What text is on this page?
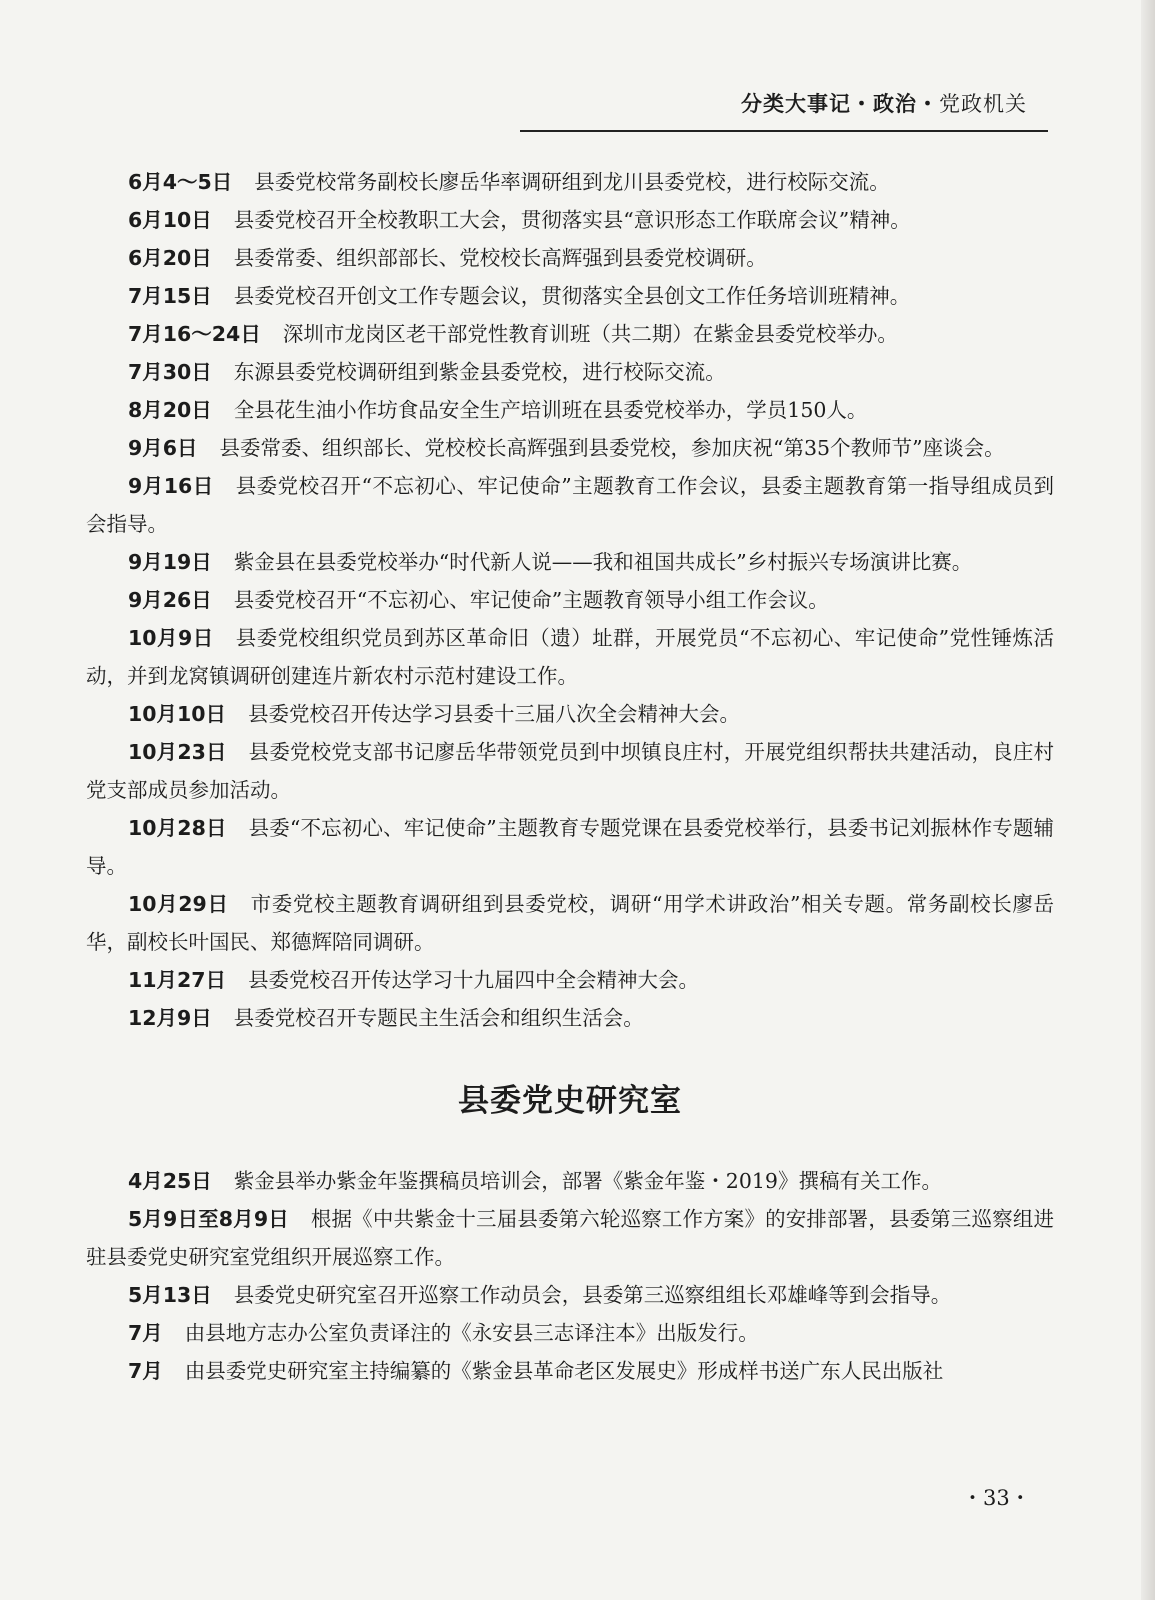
分类大事记・政治・党政机关

6月4～5日 县委党校常务副校长廖岳华率调研组到龙川县委党校，进行校际交流。

6月10日 县委党校召开全校教职工大会，贯彻落实县“意识形态工作联席会议”精神。

6月20日 县委常委、组织部部长、党校校长高辉强到县委党校调研。

7月15日 县委党校召开创文工作专题会议，贯彻落实全县创文工作任务培训班精神。

7月16～24日 深圳市龙岗区老干部党性教育训班（共二期）在紫金县委党校举办。

7月30日 东源县委党校调研组到紫金县委党校，进行校际交流。

8月20日 全县花生油小作坊食品安全生产培训班在县委党校举办，学员150人。

9月6日 县委常委、组织部长、党校校长高辉强到县委党校，参加庆祝“第35个教师节”座谈会。

9月16日 县委党校召开“不忘初心、牢记使命”主题教育工作会议，县委主题教育第一指导组成员到会指导。

9月19日 紫金县在县委党校举办“时代新人说——我和祖国共成长”乡村振兴专场演讲比赛。

9月26日 县委党校召开“不忘初心、牢记使命”主题教育领导小组工作会议。

10月9日 县委党校组织党员到苏区革命旧（遗）址群，开展党员“不忘初心、牢记使命”党性锤炼活动，并到龙窝镇调研创建连片新农村示范村建设工作。

10月10日 县委党校召开传达学习县委十三届八次全会精神大会。

10月23日 县委党校党支部书记廖岳华带领党员到中坝镇良庄村，开展党组织帮扶共建活动，良庄村党支部成员参加活动。

10月28日 县委“不忘初心、牢记使命”主题教育专题党课在县委党校举行，县委书记刘振林作专题辅导。

10月29日 市委党校主题教育调研组到县委党校，调研“用学术讲政治”相关专题。常务副校长廖岳华，副校长叶国民、郑德辉陪同调研。

11月27日 县委党校召开传达学习十九届四中全会精神大会。

12月9日 县委党校召开专题民主生活会和组织生活会。

县委党史研究室

4月25日 紫金县举办紫金年鉴撰稿员培训会，部署《紫金年鉴・2019》撰稿有关工作。

5月9日至8月9日 根据《中共紫金十三届县委第六轮巡察工作方案》的安排部署，县委第三巡察组进驻县委党史研究室党组织开展巡察工作。

5月13日 县委党史研究室召开巡察工作动员会，县委第三巡察组组长邓雄峰等到会指导。

7月 由县地方志办公室负责译注的《永安县三志译注本》出版发行。

7月 由县委党史研究室主持编纂的《紫金县革命老区发展史》形成样书送广东人民出版社

・33・
